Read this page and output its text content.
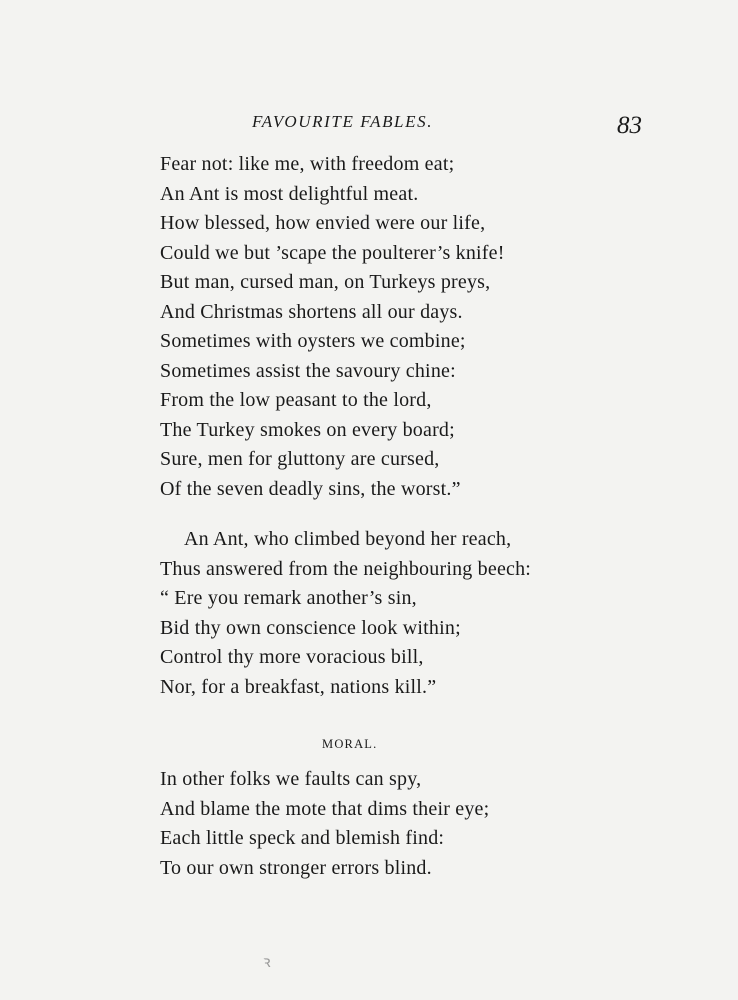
FAVOURITE FABLES.	83
Fear not: like me, with freedom eat;
An Ant is most delightful meat.
How blessed, how envied were our life,
Could we but ’scape the poulterer’s knife!
But man, cursed man, on Turkeys preys,
And Christmas shortens all our days.
Sometimes with oysters we combine;
Sometimes assist the savoury chine:
From the low peasant to the lord,
The Turkey smokes on every board;
Sure, men for gluttony are cursed,
Of the seven deadly sins, the worst.”
An Ant, who climbed beyond her reach,
Thus answered from the neighbouring beech:
“ Ere you remark another’s sin,
Bid thy own conscience look within;
Control thy more voracious bill,
Nor, for a breakfast, nations kill.”
MORAL.
In other folks we faults can spy,
And blame the mote that dims their eye;
Each little speck and blemish find:
To our own stronger errors blind.
ꝛ
